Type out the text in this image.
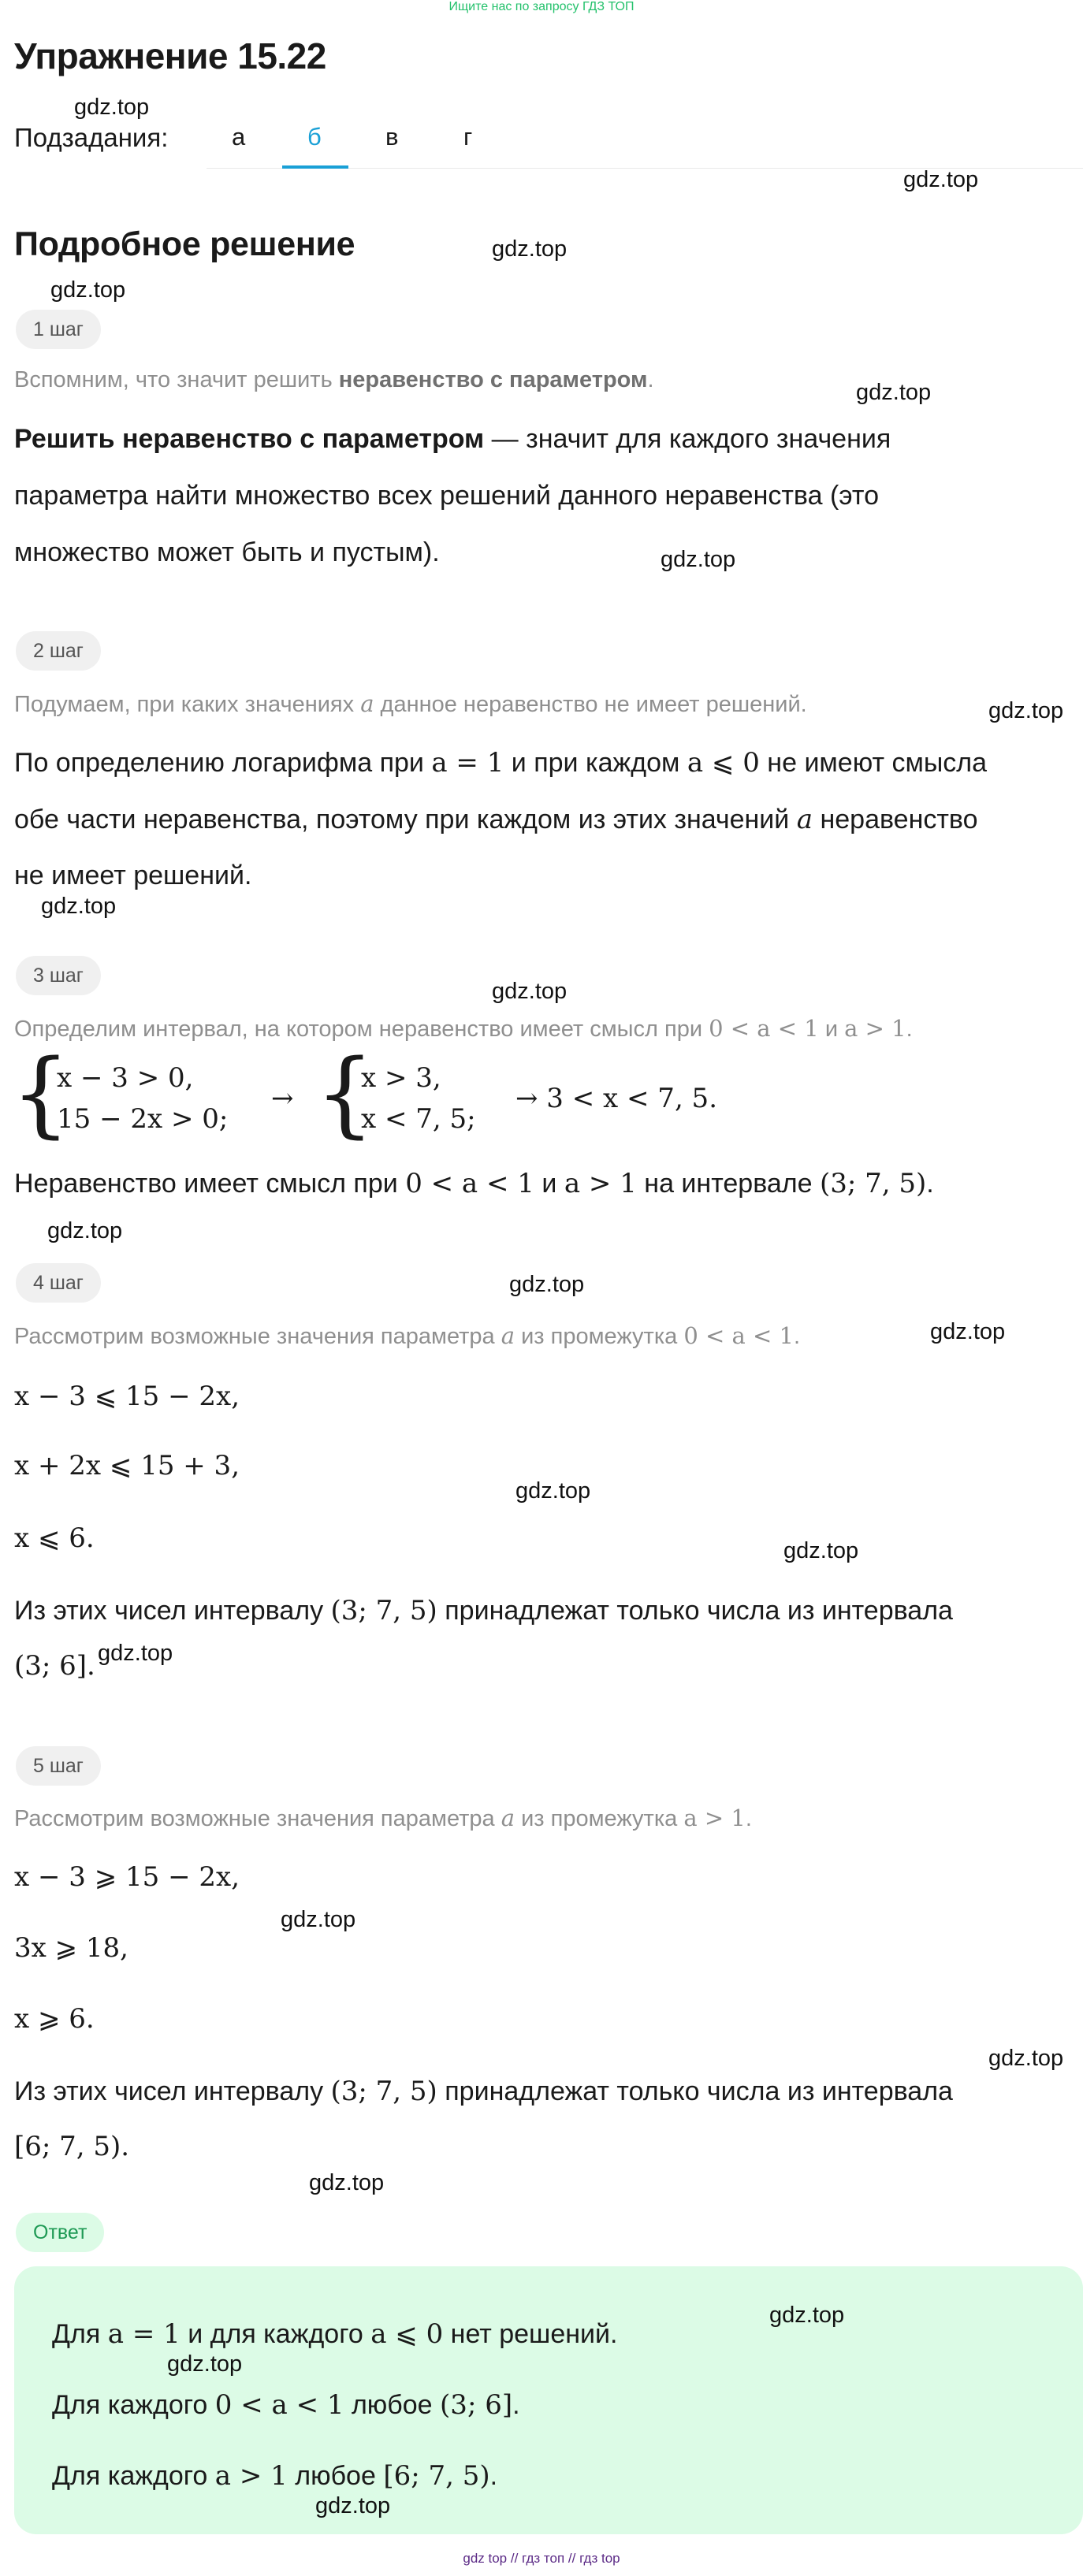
Ищите нас по запросу ГДЗ ТОП
Упражнение 15.22
gdz.top
Подзадания:	а	б	в	г
gdz.top
Подробное решение	gdz.top
gdz.top
1 шаг
Вспомним, что значит решить неравенство с параметром.	gdz.top
Решить неравенство с параметром — значит для каждого значения
параметра найти множество всех решений данного неравенства (это
множество может быть и пустым).	gdz.top
2 шаг
Подумаем, при каких значениях a данное неравенство не имеет решений.	gdz.top
По определению логарифма при a = 1 и при каждом a ⩽ 0 не имеют смысла
обе части неравенства, поэтому при каждом из этих значений a неравенство
не имеет решений.
gdz.top
3 шаг
gdz.top
Определим интервал, на котором неравенство имеет смысл при 0 < a < 1 и a > 1.
{
x − 3 > 0,
15 − 2x > 0;
→ {
x > 3,
x < 7, 5;
→ 3 < x < 7, 5.
Неравенство имеет смысл при 0 < a < 1 и a > 1 на интервале (3; 7, 5).
gdz.top
4 шаг	gdz.top
Рассмотрим возможные значения параметра a из промежутка 0 < a < 1.	gdz.top
x − 3 ⩽ 15 − 2x,
x + 2x ⩽ 15 + 3,
gdz.top
x ⩽ 6.	gdz.top
Из этих чисел интервалу (3; 7, 5) принадлежат только числа из интервала
(3; 6]. gdz.top
5 шаг
Рассмотрим возможные значения параметра a из промежутка a > 1.
x − 3 ⩾ 15 − 2x,
gdz.top
3x ⩾ 18,
x ⩾ 6.
gdz.top
Из этих чисел интервалу (3; 7, 5) принадлежат только числа из интервала
[6; 7, 5).
gdz.top
Ответ
Для a = 1 и для каждого a ⩽ 0 нет решений.
gdz.top
gdz.top
Для каждого 0 < a < 1 любое (3; 6].
Для каждого a > 1 любое [6; 7, 5).
gdz.top
gdz top // гдз топ // гдз top
